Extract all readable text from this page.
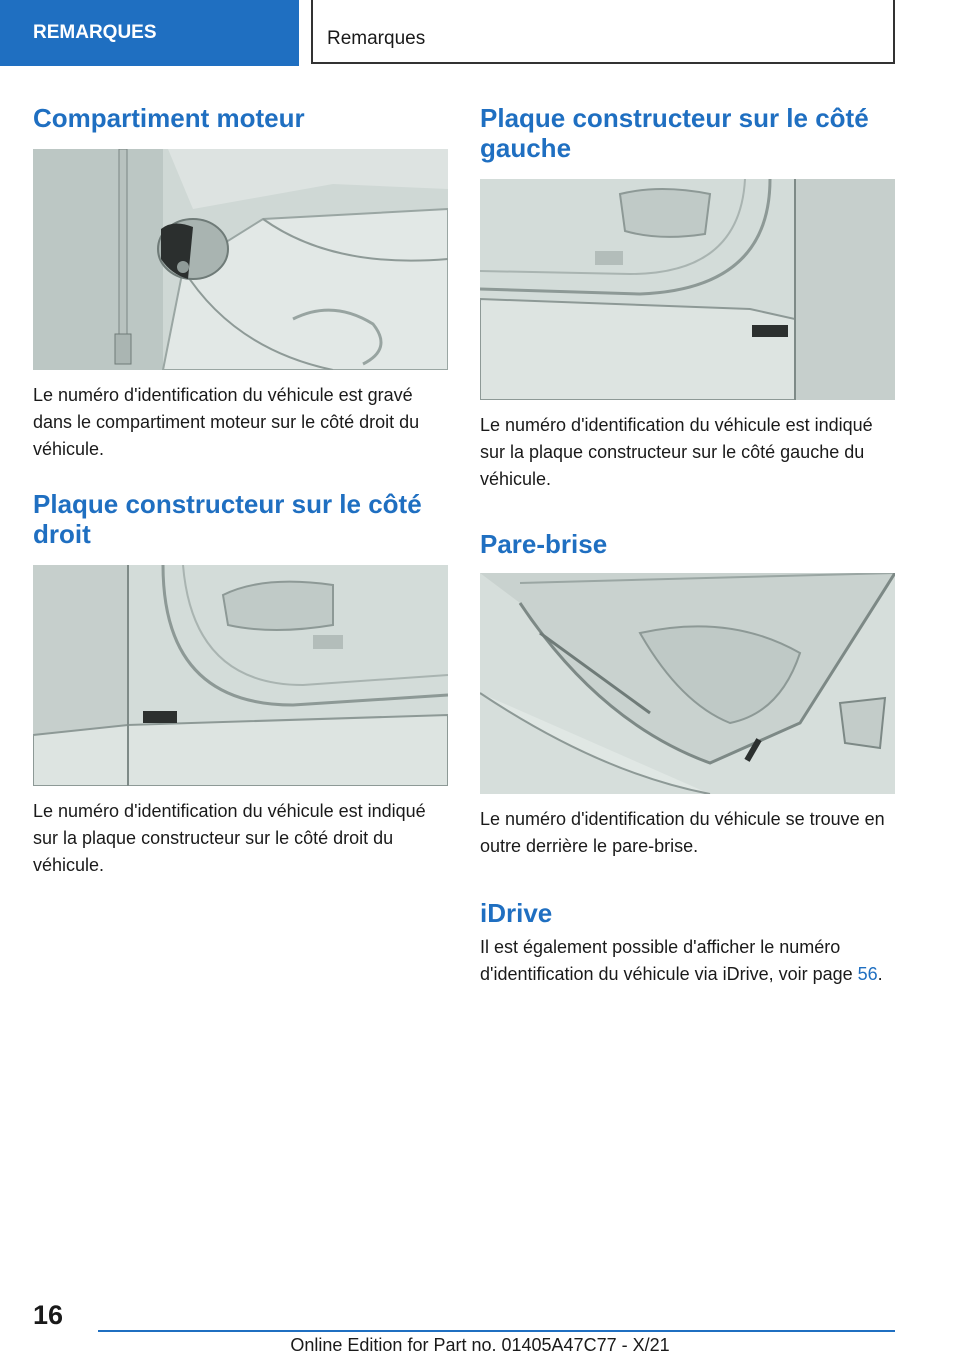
REMARQUES	Remarques
Compartiment moteur

Le numéro d'identification du véhicule est gravé dans le compartiment moteur sur le côté droit du véhicule.

Plaque constructeur sur le côté droit

Le numéro d'identification du véhicule est indiqué sur la plaque constructeur sur le côté droit du véhicule.

Plaque constructeur sur le côté gauche

Le numéro d'identification du véhicule est indiqué sur la plaque constructeur sur le côté gauche du véhicule.

Pare-brise

Le numéro d'identification du véhicule se trouve en outre derrière le pare-brise.

iDrive

Il est également possible d'afficher le numéro d'identification du véhicule via iDrive, voir page 56.

16
Online Edition for Part no. 01405A47C77 - X/21
